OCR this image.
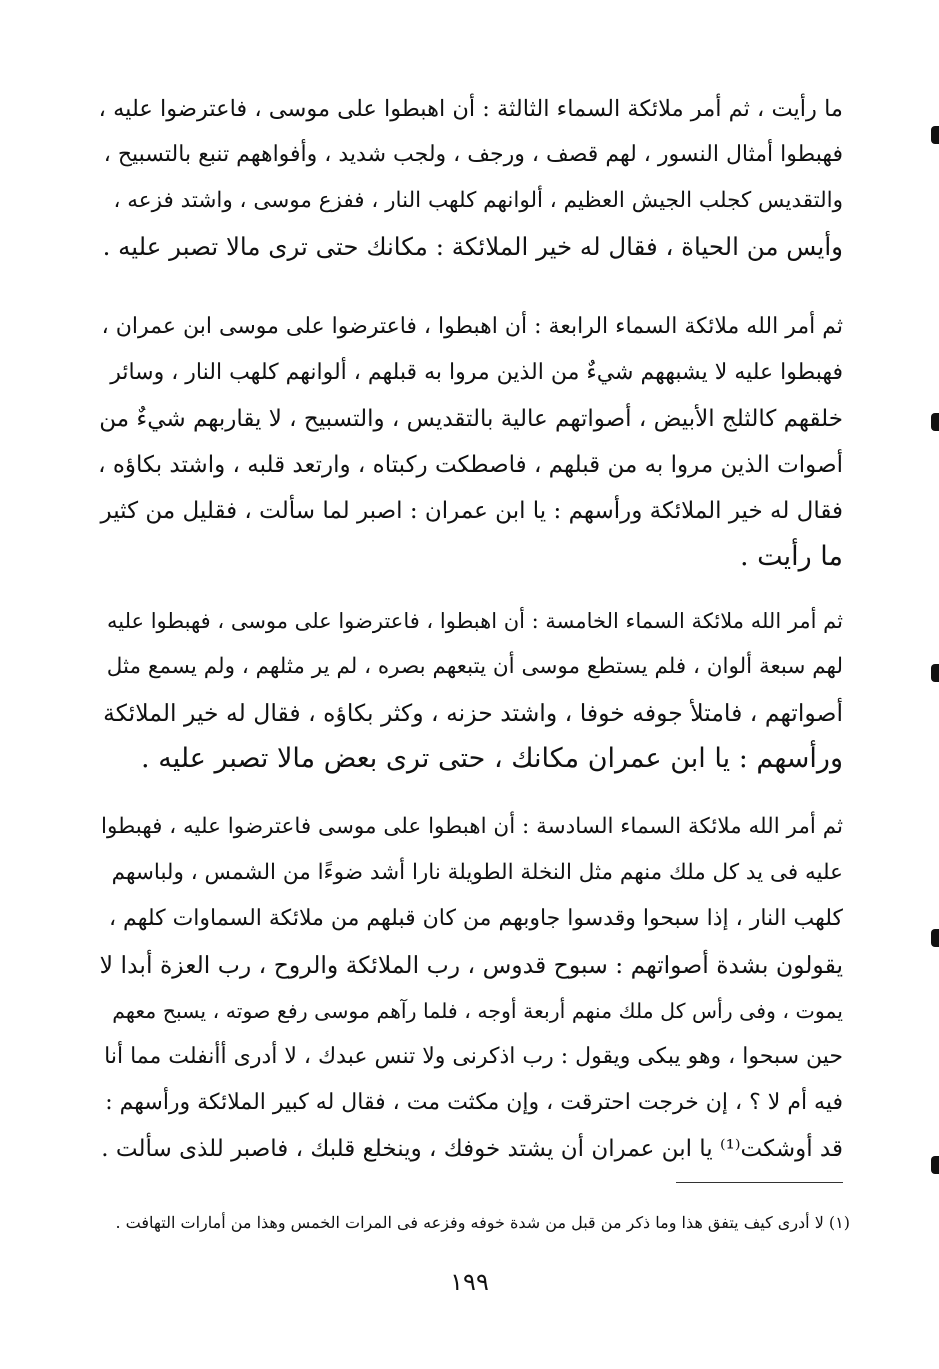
ما رأيت ، ثم أمر ملائكة السماء الثالثة : أن اهبطوا على موسى ، فاعترضوا عليه ،
فهبطوا أمثال النسور ، لهم قصف ، ورجف ، ولجب شديد ، وأفواههم تنبع بالتسبيح ،
والتقديس كجلب الجيش العظيم ، ألوانهم كلهب النار ، ففزع موسى ، واشتد فزعه ،
وأيس من الحياة ، فقال له خير الملائكة : مكانك حتى ترى مالا تصبر عليه .
ثم أمر الله ملائكة السماء الرابعة : أن اهبطوا ، فاعترضوا على موسى ابن عمران ،
فهبطوا عليه لا يشبههم شيءٌ من الذين مروا به قبلهم ، ألوانهم كلهب النار ، وسائر
خلقهم كالثلج الأبيض ، أصواتهم عالية بالتقديس ، والتسبيح ، لا يقاربهم شيءٌ من
أصوات الذين مروا به من قبلهم ، فاصطكت ركبتاه ، وارتعد قلبه ، واشتد بكاؤه ،
فقال له خير الملائكة ورأسهم : يا ابن عمران : اصبر لما سألت ، فقليل من كثير
ما رأيت .
ثم أمر الله ملائكة السماء الخامسة : أن اهبطوا ، فاعترضوا على موسى ، فهبطوا عليه
لهم سبعة ألوان ، فلم يستطع موسى أن يتبعهم بصره ، لم ير مثلهم ، ولم يسمع مثل
أصواتهم ، فامتلأ جوفه خوفا ، واشتد حزنه ، وكثر بكاؤه ، فقال له خير الملائكة
ورأسهم : يا ابن عمران مكانك ، حتى ترى بعض مالا تصبر عليه .
ثم أمر الله ملائكة السماء السادسة : أن اهبطوا على موسى فاعترضوا عليه ، فهبطوا
عليه فى يد كل ملك منهم مثل النخلة الطويلة نارا أشد ضوءًا من الشمس ، ولباسهم
كلهب النار ، إذا سبحوا وقدسوا جاوبهم من كان قبلهم من ملائكة السماوات كلهم ،
يقولون بشدة أصواتهم : سبوح قدوس ، رب الملائكة والروح ، رب العزة أبدا لا
يموت ، وفى رأس كل ملك منهم أربعة أوجه ، فلما رآهم موسى رفع صوته ، يسبح معهم
حين سبحوا ، وهو يبكى ويقول : رب اذكرنى ولا تنس عبدك ، لا أدرى أأنفلت مما أنا
فيه أم لا ؟ ، إن خرجت احترقت ، وإن مكثت مت ، فقال له كبير الملائكة ورأسهم :
قد أوشكت⁽¹⁾ يا ابن عمران أن يشتد خوفك ، وينخلع قلبك ، فاصبر للذى سألت .

(١) لا أدرى كيف يتفق هذا وما ذكر من قبل من شدة خوفه وفزعه فى المرات الخمس وهذا من أمارات التهافت .

١٩٩
